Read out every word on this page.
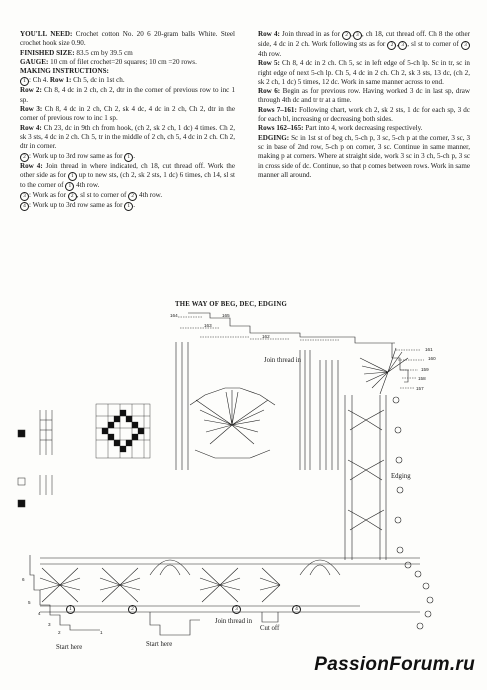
YOU'LL NEED: Crochet cotton No. 20 6 20-gram balls White. Steel crochet hook size 0.90.

FINISHED SIZE: 83.5 cm by 39.5 cm

GAUGE: 10 cm of filet crochet=20 squares; 10 cm =20 rows.

MAKING INSTRUCTIONS:

1 : Ch 4. Row 1: Ch 5, dc in 1st ch.

Row 2: Ch 8, 4 dc in 2 ch, ch 2, dtr in the corner of previous row to inc 1 sp.

Row 3: Ch 8, 4 dc in 2 ch, Ch 2, sk 4 dc, 4 dc in 2 ch, Ch 2, dtr in the corner of previous row to inc 1 sp.

Row 4: Ch 23, dc in 9th ch from hook, (ch 2, sk 2 ch, 1 dc) 4 times. Ch 2, sk 3 sts, 4 dc in 2 ch. Ch 5, tr in the middle of 2 ch, ch 5, 4 dc in 2 ch. Ch 2, dtr in corner.

2 : Work up to 3rd row same as for 1 .

Row 4: Join thread in where indicated, ch 18, cut thread off. Work the other side as for 1 up to new sts, (ch 2, sk 2 sts, 1 dc) 6 times, ch 14, sl st to the corner of 1 4th row.

3 : Work as for 2 , sl st to corner of 2 4th row.

4 : Work up to 3rd row same as for 1 .

Row 4: Join thread in as for 2 , 3 , ch 18, cut thread off. Ch 8 the other side, 4 dc in 2 ch. Work following sts as for 2 , 3 , sl st to corner of 3 4th row.

Row 5: Ch 8, 4 dc in 2 ch. Ch 5, sc in left edge of 5-ch lp. Sc in tr, sc in right edge of next 5-ch lp. Ch 5, 4 dc in 2 ch. Ch 2, sk 3 sts, 13 dc, (ch 2, sk 2 ch, 1 dc) 5 times, 12 dc. Work in same manner across to end.

Row 6: Begin as for previous row. Having worked 3 dc in last sp, draw through 4th dc and tr tr at a time.

Rows 7–161: Following chart, work ch 2, sk 2 sts, 1 dc for each sp, 3 dc for each bl, increasing or decreasing both sides.

Rows 162–165: Part into 4, work decreasing respectively.

EDGING: Sc in 1st st of beg ch, 5-ch p, 3 sc, 5-ch p at the corner, 3 sc, 3 sc in base of 2nd row, 5-ch p on corner, 3 sc. Continue in same manner, making p at corners. Where at straight side, work 3 sc in 3 ch, 5-ch p, 3 sc in cross side of dc. Continue, so that p comes between rows. Work in same manner all around.

THE WAY OF BEG, DEC, EDGING
Join thread in
Join thread in
Edging
Cut off
Start here	Start here
165
164
163
162
161
160
159
158
157
6
5
4
3
2	1
1	2	3	4
PassionForum.ru
